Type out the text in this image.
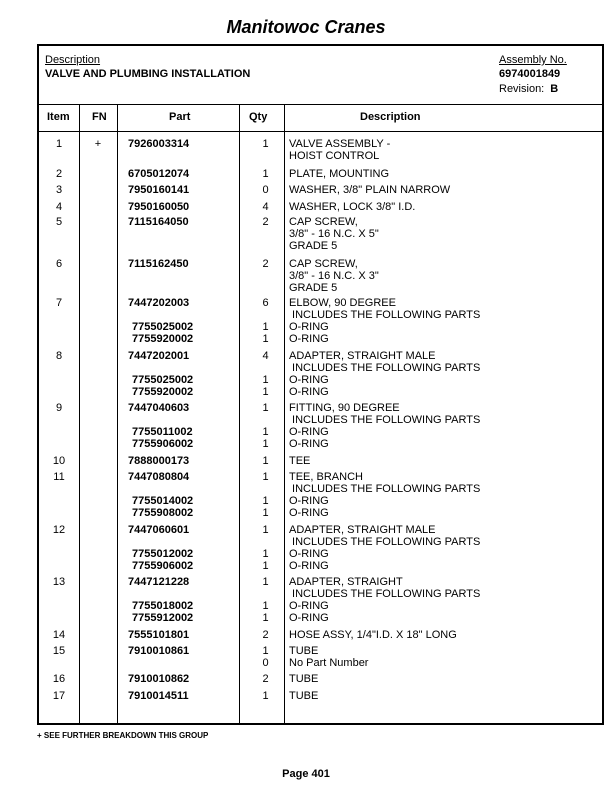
Manitowoc Cranes
Description
VALVE AND PLUMBING INSTALLATION
Assembly No.
6974001849
Revision: B
Item FN	Part	Qty	Description
1	+	7926003314	1	VALVE ASSEMBLY -
HOIST CONTROL
2	6705012074	1	PLATE, MOUNTING
3	7950160141	0	WASHER, 3/8" PLAIN NARROW
4	7950160050	4	WASHER, LOCK 3/8" I.D.
5	7115164050	2	CAP SCREW,
3/8" - 16 N.C. X 5"
GRADE 5
6	7115162450	2	CAP SCREW,
3/8" - 16 N.C. X 3"
GRADE 5
7	7447202003	6	ELBOW, 90 DEGREE
INCLUDES THE FOLLOWING PARTS
7755025002	1	O-RING
7755920002	1	O-RING
8	7447202001	4	ADAPTER, STRAIGHT MALE
INCLUDES THE FOLLOWING PARTS
7755025002	1	O-RING
7755920002	1	O-RING
9	7447040603	1	FITTING, 90 DEGREE
INCLUDES THE FOLLOWING PARTS
7755011002	1	O-RING
7755906002	1	O-RING
10	7888000173	1	TEE
11	7447080804	1	TEE, BRANCH
INCLUDES THE FOLLOWING PARTS
7755014002	1	O-RING
7755908002	1	O-RING
12	7447060601	1	ADAPTER, STRAIGHT MALE
INCLUDES THE FOLLOWING PARTS
7755012002	1	O-RING
7755906002	1	O-RING
13	7447121228	1	ADAPTER, STRAIGHT
INCLUDES THE FOLLOWING PARTS
7755018002	1	O-RING
7755912002	1	O-RING
14	7555101801	2	HOSE ASSY, 1/4"I.D. X 18" LONG
15	7910010861	1	TUBE
0	No Part Number
16	7910010862	2	TUBE
17	7910014511	1	TUBE
+ SEE FURTHER BREAKDOWN THIS GROUP
Page 401
